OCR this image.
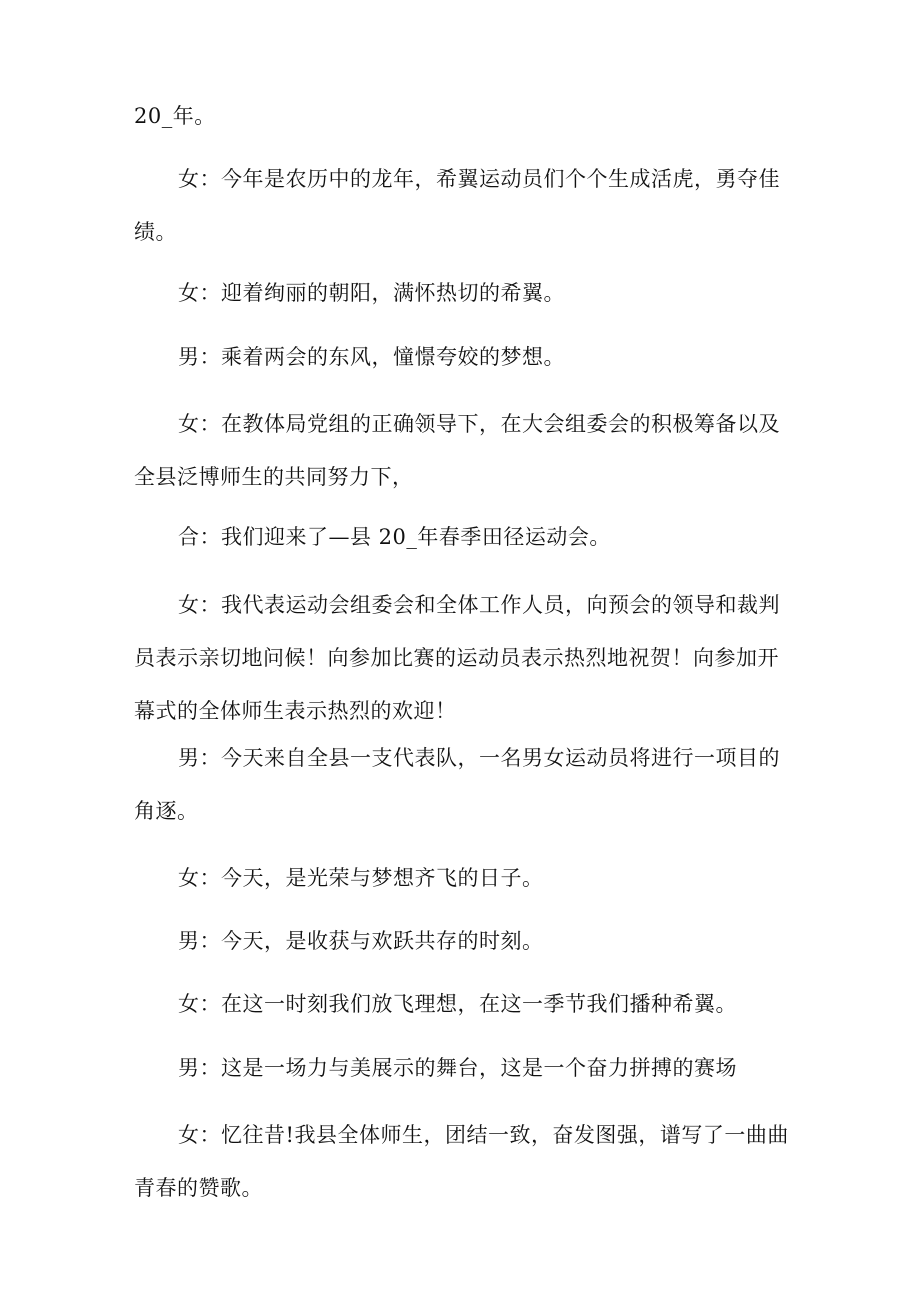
20_年。

女：今年是农历中的龙年，希翼运动员们个个生成活虎，勇夺佳
绩。

女：迎着绚丽的朝阳，满怀热切的希翼。

男：乘着两会的东风，憧憬夸姣的梦想。

女：在教体局党组的正确领导下，在大会组委会的积极筹备以及
全县泛博师生的共同努力下，

合：我们迎来了—县 20_年春季田径运动会。

女：我代表运动会组委会和全体工作人员，向预会的领导和裁判
员表示亲切地问候！向参加比赛的运动员表示热烈地祝贺！向参加开
幕式的全体师生表示热烈的欢迎！

男：今天来自全县一支代表队，一名男女运动员将进行一项目的
角逐。

女：今天，是光荣与梦想齐飞的日子。

男：今天，是收获与欢跃共存的时刻。

女：在这一时刻我们放飞理想，在这一季节我们播种希翼。

男：这是一场力与美展示的舞台，这是一个奋力拼搏的赛场

女：忆往昔!我县全体师生，团结一致，奋发图强，谱写了一曲曲
青春的赞歌。
